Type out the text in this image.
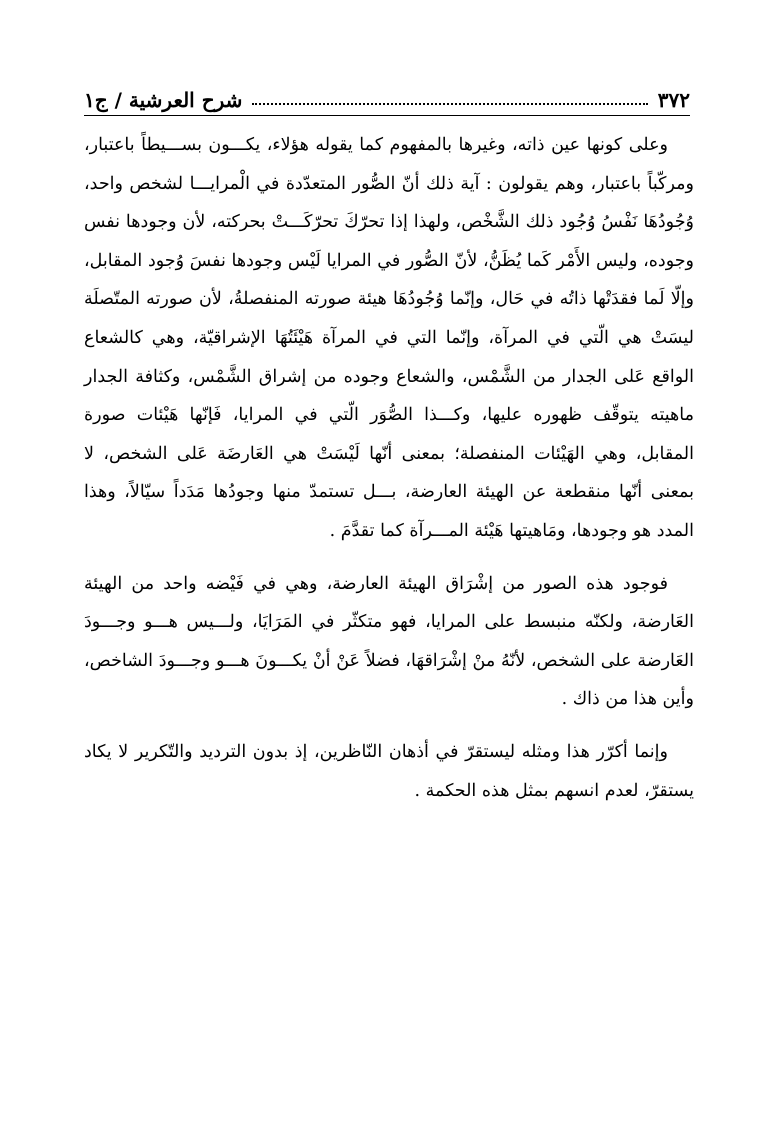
٣٧٢
شرح العرشية / ج١

وعلى كونها عين ذاته، وغيرها بالمفهوم كما يقوله هؤلاء، يكـــون بســـيطاً باعتبار، ومركّباً باعتبار، وهم يقولون : آية ذلك أنّ الصُّور المتعدّدة في الْمرايـــا لشخص واحد، وُجُودُهَا نَفْسُ وُجُود ذلك الشَّخْص، ولهذا إذا تحرّكَ تحرّكَـــتْ بحركته، لأن وجودها نفس وجوده، وليس الأَمْر كَما يُظَنُّ، لأنّ الصُّور في المرايا لَيْس وجودها نفسَ وُجود المقابل، وإلّا لَما فقدَتْها ذاتُه في حَال، وإنّما وُجُودُهَا هيئة صورته المنفصلةُ، لأن صورته المتّصلَة ليسَتْ هي الّتي في المرآة، وإنّما التي في المرآة هَيْئَتُهَا الإشراقيّة، وهي كالشعاع الواقع عَلى الجدار من الشَّمْس، والشعاع وجوده من إشراق الشَّمْس، وكثافة الجدار ماهيته يتوقّف ظهوره عليها، وكـــذا الصُّوَر الّتي في المرايا، فَإنّها هَيْئات صورة المقابل، وهي الهَيْئات المنفصلة؛ بمعنى أنّها لَيْسَتْ هي العَارضَة عَلى الشخص، لا بمعنى أنّها منقطعة عن الهيئة العارضة، بـــل تستمدّ منها وجودُها مَدَداً سيّالاً، وهذا المدد هو وجودها، ومَاهيتها هَيْئة المـــرآة كما تقدَّمَ .

فوجود هذه الصور من إشْرَاق الهيئة العارضة، وهي في فَيْضه واحد من الهيئة العَارضة، ولكنّه منبسط على المرايا، فهو متكثّر في المَرَايَا، ولـــيس هـــو وجـــودَ العَارضة على الشخص، لأنّهُ منْ إشْرَاقهَا، فضلاً عَنْ أنْ يكـــونَ هـــو وجـــودَ الشاخص، وأين هذا من ذاك .

وإنما أكرّر هذا ومثله ليستقرّ في أذهان النّاظرين، إذ بدون الترديد والتّكرير لا يكاد يستقرّ، لعدم انسهم بمثل هذه الحكمة .
